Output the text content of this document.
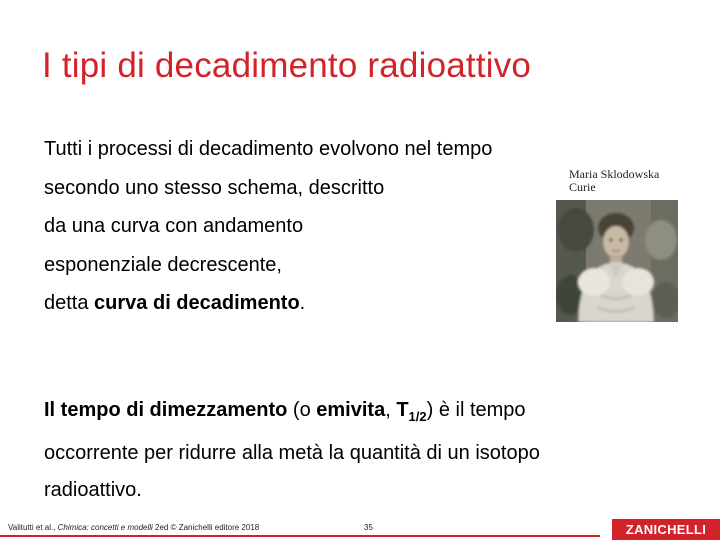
I tipi di decadimento radioattivo
Tutti i processi di decadimento evolvono nel tempo
secondo uno stesso schema, descritto
da una curva con andamento
esponenziale decrescente,
detta curva di decadimento.
Maria Sklodowska
Curie
Il tempo di dimezzamento (o emivita, $T_{1/2}$) è il tempo
occorrente per ridurre alla metà la quantità di un isotopo
radioattivo.
Valitutti et al., Chimica: concetti e modelli 2ed © Zanichelli editore 2018	35	ZANICHELLI
